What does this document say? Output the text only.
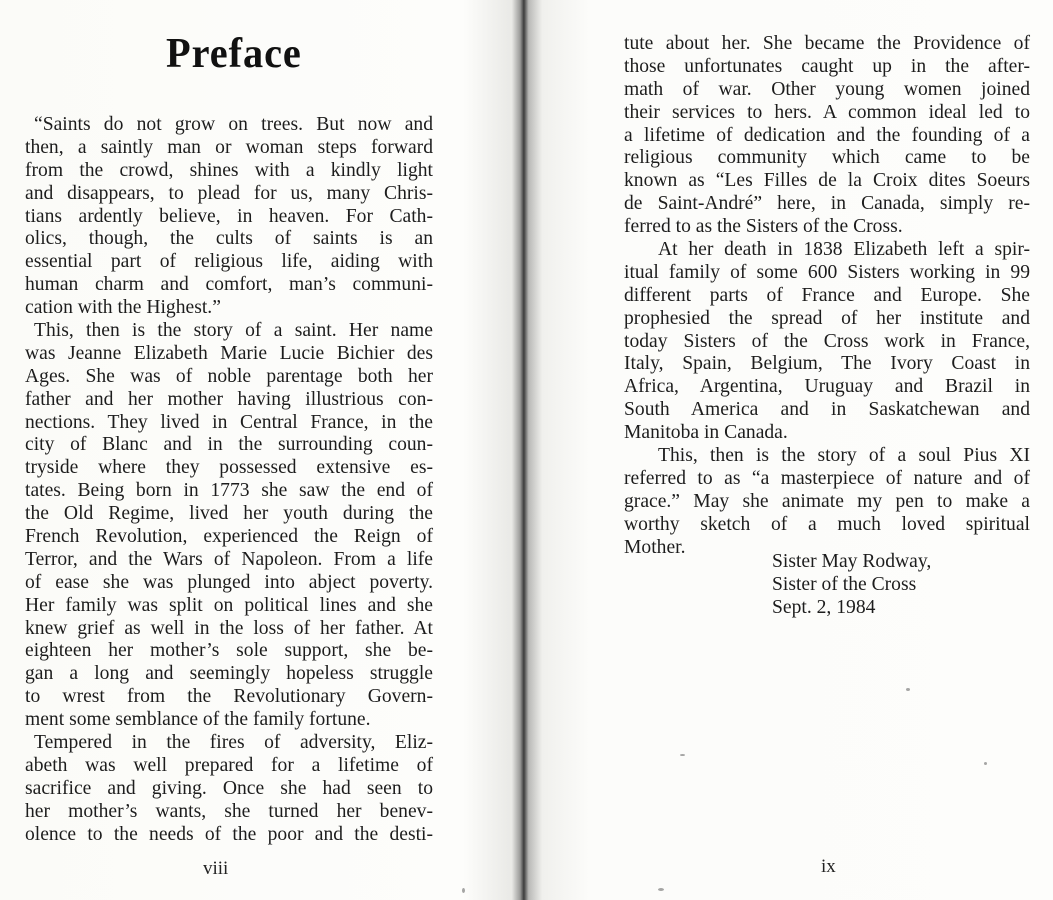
Preface
“Saints do not grow on trees. But now and
then, a saintly man or woman steps forward
from the crowd, shines with a kindly light
and disappears, to plead for us, many Chris-
tians ardently believe, in heaven. For Cath-
olics, though, the cults of saints is an
essential part of religious life, aiding with
human charm and comfort, man’s communi-
cation with the Highest.”
This, then is the story of a saint. Her name
was Jeanne Elizabeth Marie Lucie Bichier des
Ages. She was of noble parentage both her
father and her mother having illustrious con-
nections. They lived in Central France, in the
city of Blanc and in the surrounding coun-
tryside where they possessed extensive es-
tates. Being born in 1773 she saw the end of
the Old Regime, lived her youth during the
French Revolution, experienced the Reign of
Terror, and the Wars of Napoleon. From a life
of ease she was plunged into abject poverty.
Her family was split on political lines and she
knew grief as well in the loss of her father. At
eighteen her mother’s sole support, she be-
gan a long and seemingly hopeless struggle
to wrest from the Revolutionary Govern-
ment some semblance of the family fortune.
Tempered in the fires of adversity, Eliz-
abeth was well prepared for a lifetime of
sacrifice and giving. Once she had seen to
her mother’s wants, she turned her benev-
olence to the needs of the poor and the desti-
viii
tute about her. She became the Providence of
those unfortunates caught up in the after-
math of war. Other young women joined
their services to hers. A common ideal led to
a lifetime of dedication and the founding of a
religious community which came to be
known as “Les Filles de la Croix dites Soeurs
de Saint-André” here, in Canada, simply re-
ferred to as the Sisters of the Cross.
At her death in 1838 Elizabeth left a spir-
itual family of some 600 Sisters working in 99
different parts of France and Europe. She
prophesied the spread of her institute and
today Sisters of the Cross work in France,
Italy, Spain, Belgium, The Ivory Coast in
Africa, Argentina, Uruguay and Brazil in
South America and in Saskatchewan and
Manitoba in Canada.
This, then is the story of a soul Pius XI
referred to as “a masterpiece of nature and of
grace.” May she animate my pen to make a
worthy sketch of a much loved spiritual
Mother.
Sister May Rodway,
Sister of the Cross
Sept. 2, 1984
ix
